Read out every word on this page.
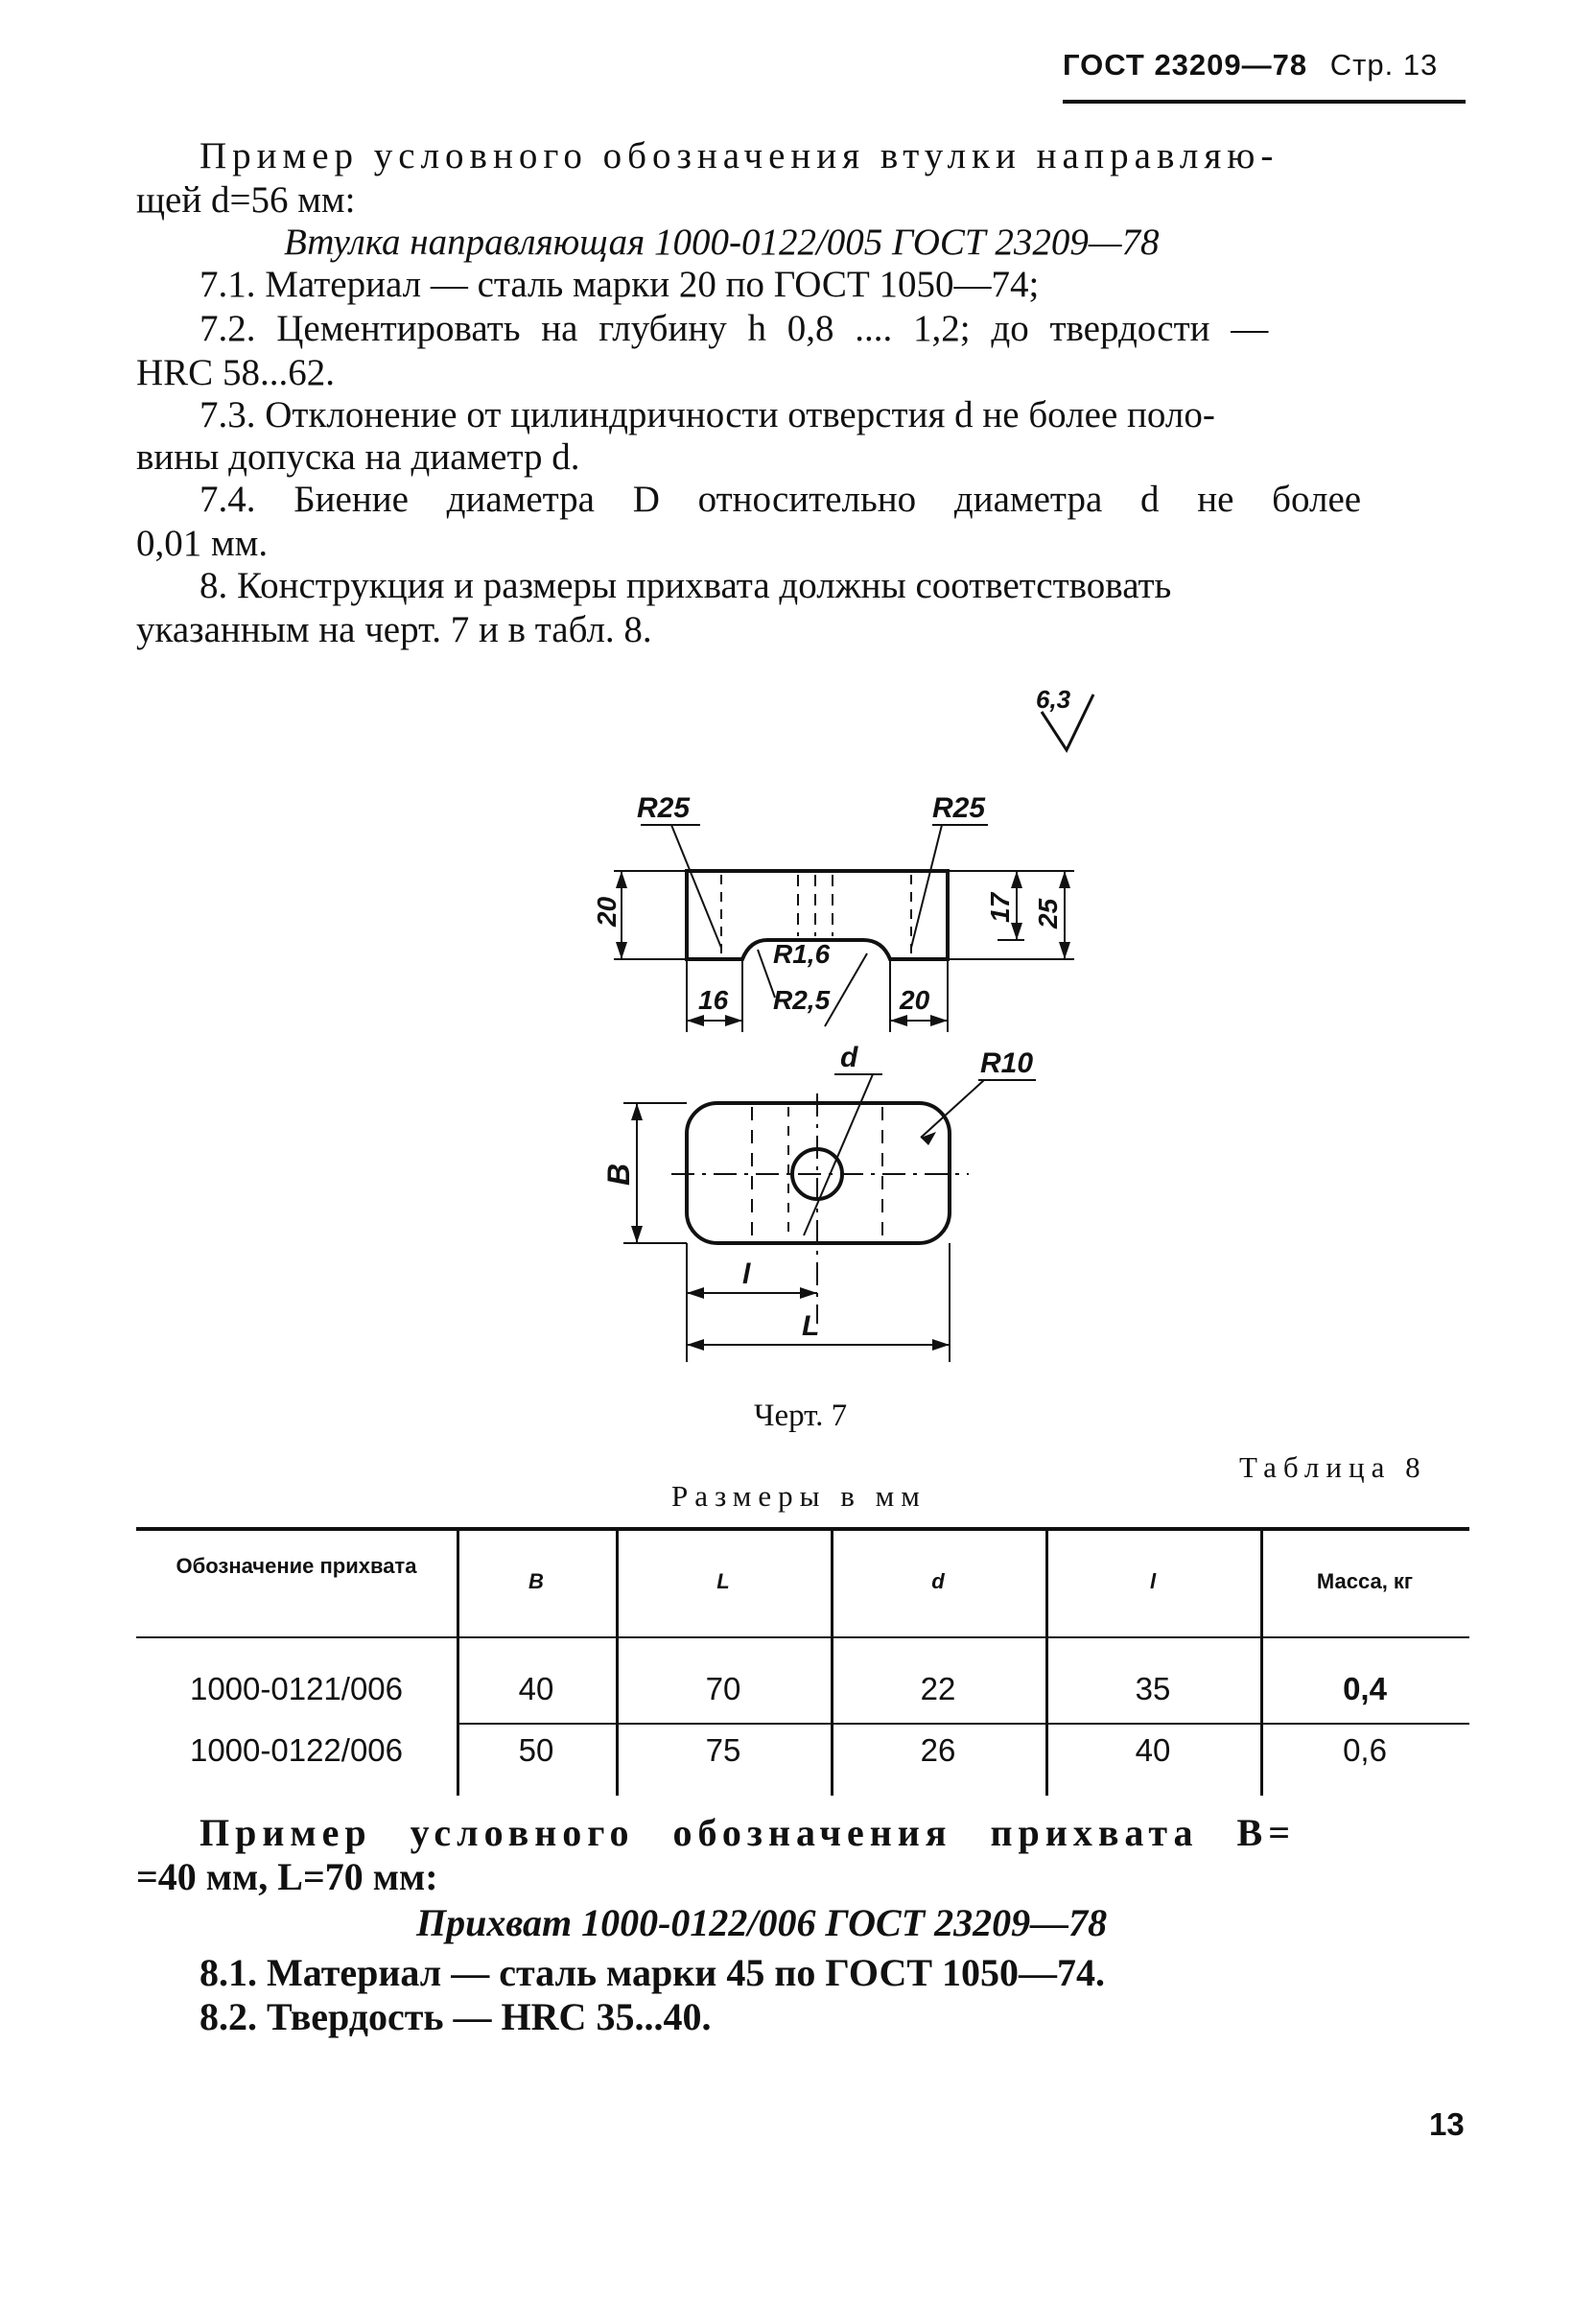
ГОСТ 23209—78 Стр. 13
Пример условного обозначения втулки направляю-
щей d=56 мм:
Втулка направляющая 1000-0122/005 ГОСТ 23209—78
7.1. Материал — сталь марки 20 по ГОСТ 1050—74;
7.2. Цементировать на глубину h 0,8 .... 1,2; до твердости —
HRC 58...62.
7.3. Отклонение от цилиндричности отверстия d не более поло-
вины допуска на диаметр d.
7.4. Биение диаметра D относительно диаметра d не более
0,01 мм.
8. Конструкция и размеры прихвата должны соответствовать
указанным на черт. 7 и в табл. 8.
6,3
R25	R25
20	17 25
R1,6
R2,5
16	20
d	R10
B
l
L
Черт. 7
Таблица 8
Размеры в мм
Обозначение прихвата
B	L	d	l	Масса, кг
1000-0121/006	40	70	22	35	0,4
1000-0122/006	50	75	26	40	0,6
Пример условного обозначения прихвата B=
=40 мм, L=70 мм:
Прихват 1000-0122/006 ГОСТ 23209—78
8.1. Материал — сталь марки 45 по ГОСТ 1050—74.
8.2. Твердость — HRC 35...40.
13
